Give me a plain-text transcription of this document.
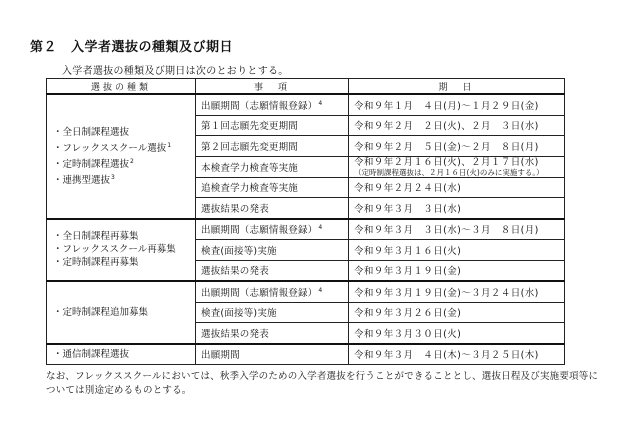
第２ 入学者選抜の種類及び期日
入学者選抜の種類及び期日は次のとおりとする。
選抜の種類	事　項	期　日

・全日制課程選抜
・フレックススクール選抜$^1$
・定時制課程選抜$^2$
・連携型選抜$^3$	出願期間（志願情報登録）$^4$	令和９年１月　４日(月)～１月２９日(金)
	第１回志願先変更期間	令和９年２月　２日(火)、２月　３日(水)
	第２回志願先変更期間	令和９年２月　５日(金)～２月　８日(月)
	本検査学力検査等実施	令和９年２月１６日(火)、２月１７日(水)
（定時制課程選抜は、２月１６日(火)のみに実施する。）

	追検査学力検査等実施	令和９年２月２４日(水)
	選抜結果の発表	令和９年３月　３日(水)

・全日制課程再募集
・フレックススクール再募集
・定時制課程再募集	出願期間（志願情報登録）$^4$	令和９年３月　３日(水)～３月　８日(月)
	検査(面接等)実施	令和９年３月１６日(火)
	選抜結果の発表	令和９年３月１９日(金)

・定時制課程追加募集	出願期間（志願情報登録）$^4$	令和９年３月１９日(金)～３月２４日(水)
	検査(面接等)実施	令和９年３月２６日(金)
	選抜結果の発表	令和９年３月３０日(火)

・通信制課程選抜	出願期間	令和９年３月　４日(木)～３月２５日(木)
なお、フレックススクールにおいては、秋季入学のための入学者選抜を行うことができることとし、選抜日程及び実施要項等については別途定めるものとする。
